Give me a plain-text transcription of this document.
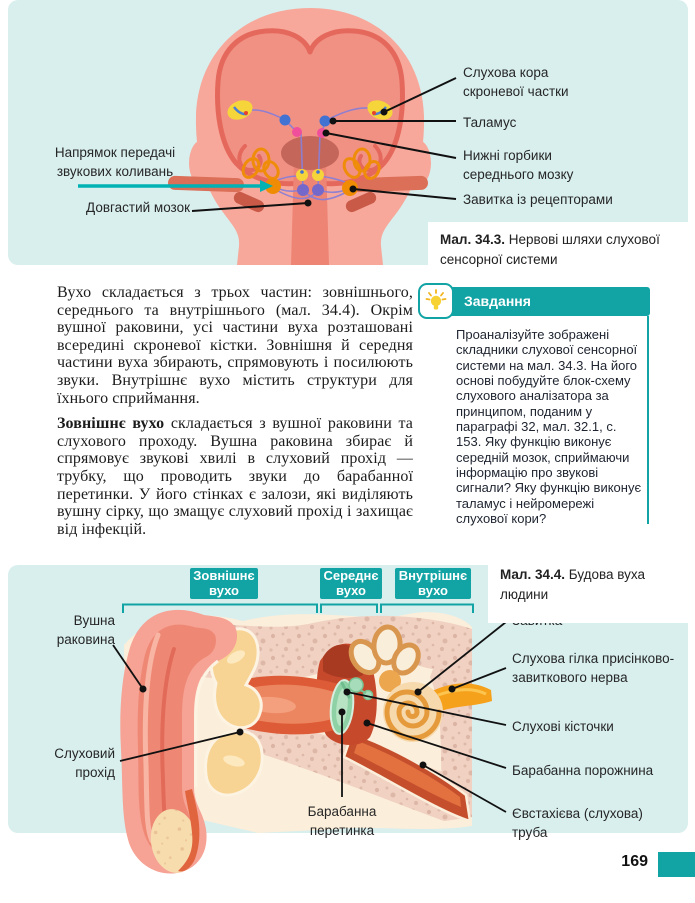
Слухова кора скроневої частки
Таламус
Нижні горбики середнього мозку
Завитка із рецепторами
Напрямок передачі звукових коливань
Довгастий мозок
Мал. 34.3. Нервові шляхи слухової сенсорної системи

Вухо складається з трьох частин: зовнішнього, середнього та внутрішнього (мал. 34.4). Окрім вушної раковини, усі частини вуха розташовані всередині скроневої кістки. Зовнішня й середня частини вуха збирають, спрямовують і посилюють звуки. Внутрішнє вухо містить структури для їхнього сприймання.

Зовнішнє вухо складається з вушної раковини та слухового проходу. Вушна раковина збирає й спрямовує звукові хвилі в слуховий прохід — трубку, що проводить звуки до барабанної перетинки. У його стінках є залози, які виділяють вушну сірку, що змащує слуховий прохід і захищає від інфекцій.

Завдання
Проаналізуйте зображені складники слухової сенсорної системи на мал. 34.3. На його основі побудуйте блок-схему слухового аналізатора за принципом, поданим у параграфі 32, мал. 32.1, с. 153. Яку функцію виконує середній мозок, сприймаючи інформацію про звукові сигнали? Яку функцію виконує таламус і нейромережі слухової кори?
Зовнішнє вухо
Середнє вухо
Внутрішнє вухо
Вушна раковина
Слуховий прохід
Барабанна перетинка
Слухова гілка присінково-завиткового нерва
Слухові кісточки
Барабанна порожнина
Євстахієва (слухова) труба
Мал. 34.4. Будова вуха людини
169
